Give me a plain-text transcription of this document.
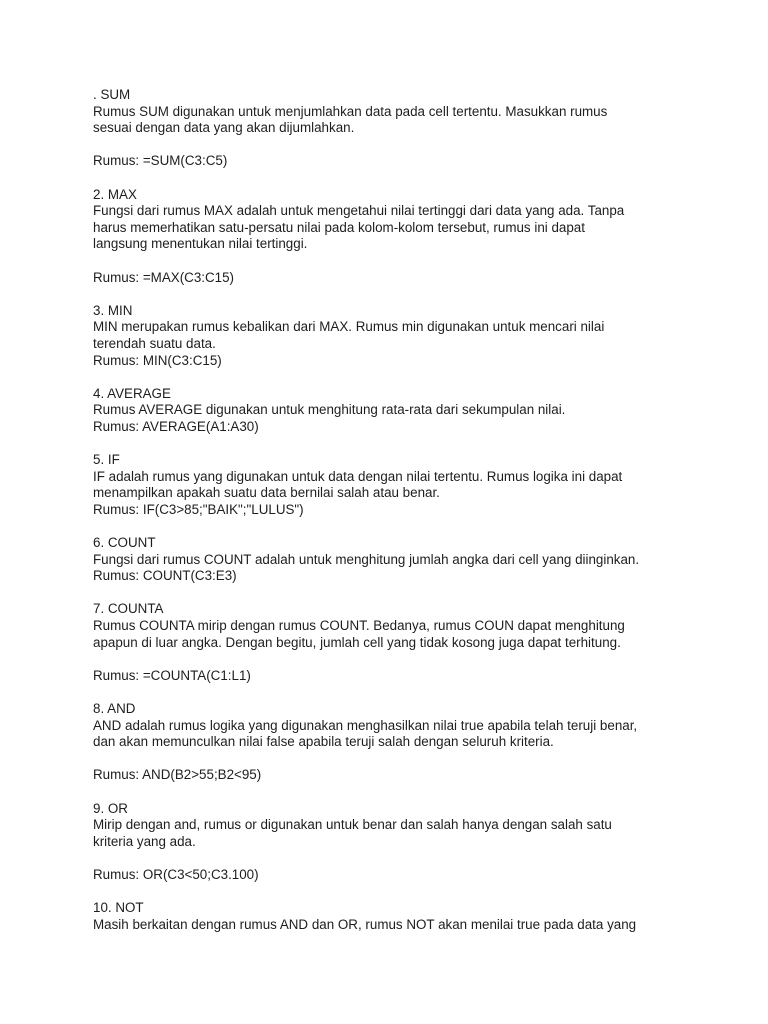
. SUM
Rumus SUM digunakan untuk menjumlahkan data pada cell tertentu. Masukkan rumus
sesuai dengan data yang akan dijumlahkan.
Rumus: =SUM(C3:C5)
2. MAX
Fungsi dari rumus MAX adalah untuk mengetahui nilai tertinggi dari data yang ada. Tanpa
harus memerhatikan satu-persatu nilai pada kolom-kolom tersebut, rumus ini dapat
langsung menentukan nilai tertinggi.
Rumus: =MAX(C3:C15)
3. MIN
MIN merupakan rumus kebalikan dari MAX. Rumus min digunakan untuk mencari nilai
terendah suatu data.
Rumus: MIN(C3:C15)
4. AVERAGE
Rumus AVERAGE digunakan untuk menghitung rata-rata dari sekumpulan nilai.
Rumus: AVERAGE(A1:A30)
5. IF
IF adalah rumus yang digunakan untuk data dengan nilai tertentu. Rumus logika ini dapat
menampilkan apakah suatu data bernilai salah atau benar.
Rumus: IF(C3>85;"BAIK";"LULUS")
6. COUNT
Fungsi dari rumus COUNT adalah untuk menghitung jumlah angka dari cell yang diinginkan.
Rumus: COUNT(C3:E3)
7. COUNTA
Rumus COUNTA mirip dengan rumus COUNT. Bedanya, rumus COUN dapat menghitung
apapun di luar angka. Dengan begitu, jumlah cell yang tidak kosong juga dapat terhitung.
Rumus: =COUNTA(C1:L1)
8. AND
AND adalah rumus logika yang digunakan menghasilkan nilai true apabila telah teruji benar,
dan akan memunculkan nilai false apabila teruji salah dengan seluruh kriteria.
Rumus: AND(B2>55;B2<95)
9. OR
Mirip dengan and, rumus or digunakan untuk benar dan salah hanya dengan salah satu
kriteria yang ada.
Rumus: OR(C3<50;C3.100)
10. NOT
Masih berkaitan dengan rumus AND dan OR, rumus NOT akan menilai true pada data yang
